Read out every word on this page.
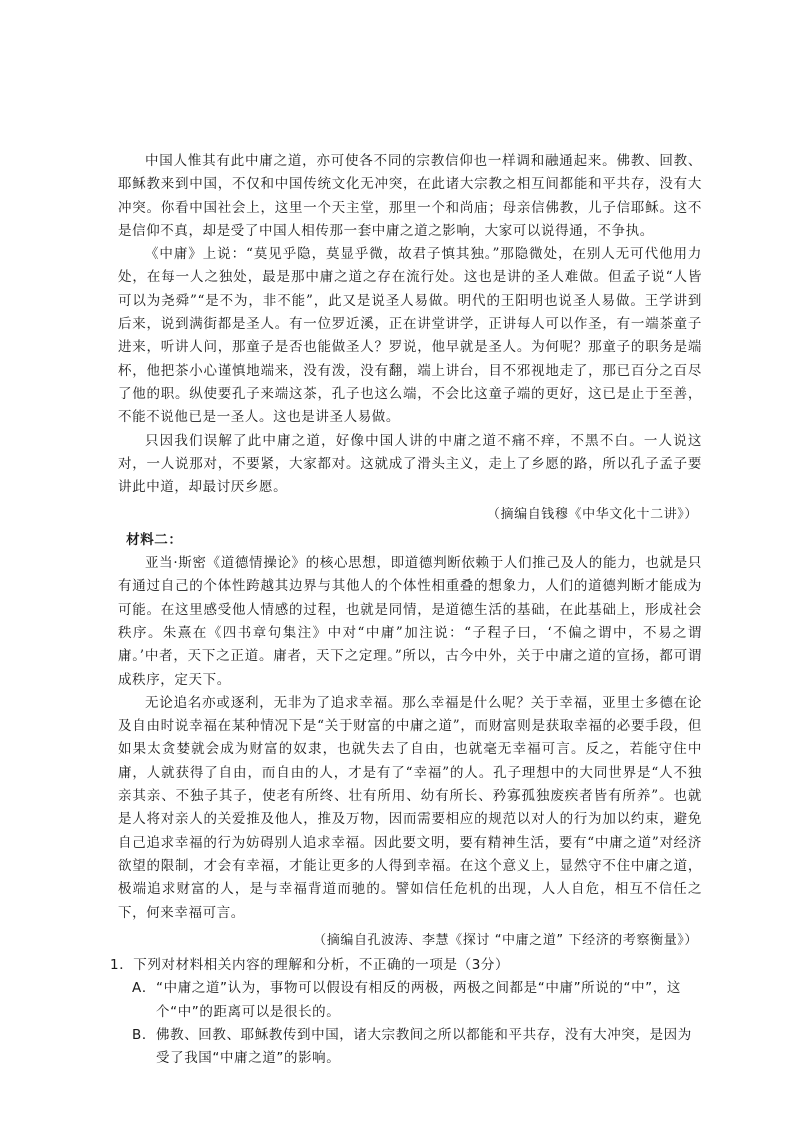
中国人惟其有此中庸之道，亦可使各不同的宗教信仰也一样调和融通起来。佛教、回教、耶稣教来到中国，不仅和中国传统文化无冲突，在此诸大宗教之相互间都能和平共存，没有大冲突。你看中国社会上，这里一个天主堂，那里一个和尚庙；母亲信佛教，儿子信耶稣。这不是信仰不真，却是受了中国人相传那一套中庸之道之影响，大家可以说得通，不争执。

《中庸》上说：“莫见乎隐，莫显乎微，故君子慎其独。”那隐微处，在别人无可代他用力处，在每一人之独处，最是那中庸之道之存在流行处。这也是讲的圣人难做。但孟子说“人皆可以为尧舜”“是不为，非不能”，此又是说圣人易做。明代的王阳明也说圣人易做。王学讲到后来，说到满街都是圣人。有一位罗近溪，正在讲堂讲学，正讲每人可以作圣，有一端茶童子进来，听讲人问，那童子是否也能做圣人？罗说，他早就是圣人。为何呢？那童子的职务是端杯，他把茶小心谨慎地端来，没有泼，没有翻，端上讲台，目不邪视地走了，那已百分之百尽了他的职。纵使要孔子来端这茶，孔子也这么端，不会比这童子端的更好，这已是止于至善，不能不说他已是一圣人。这也是讲圣人易做。

只因我们误解了此中庸之道，好像中国人讲的中庸之道不痛不痒，不黑不白。一人说这对，一人说那对，不要紧，大家都对。这就成了滑头主义，走上了乡愿的路，所以孔子孟子要讲此中道，却最讨厌乡愿。

（摘编自钱穆《中华文化十二讲》）

材料二：

亚当·斯密《道德情操论》的核心思想，即道德判断依赖于人们推己及人的能力，也就是只有通过自己的个体性跨越其边界与其他人的个体性相重叠的想象力，人们的道德判断才能成为可能。在这里感受他人情感的过程，也就是同情，是道德生活的基础，在此基础上，形成社会秩序。朱熹在《四书章句集注》中对“中庸”加注说：“子程子曰，‘不偏之谓中，不易之谓庸。’中者，天下之正道。庸者，天下之定理。”所以，古今中外，关于中庸之道的宣扬，都可谓成秩序，定天下。

无论追名亦或逐利，无非为了追求幸福。那么幸福是什么呢？关于幸福，亚里士多德在论及自由时说幸福在某种情况下是“关于财富的中庸之道”，而财富则是获取幸福的必要手段，但如果太贪婪就会成为财富的奴隶，也就失去了自由，也就毫无幸福可言。反之，若能守住中庸，人就获得了自由，而自由的人，才是有了“幸福”的人。孔子理想中的大同世界是“人不独亲其亲、不独子其子，使老有所终、壮有所用、幼有所长、矜寡孤独废疾者皆有所养”。也就是人将对亲人的关爱推及他人，推及万物，因而需要相应的规范以对人的行为加以约束，避免自己追求幸福的行为妨碍别人追求幸福。因此要文明，要有精神生活，要有“中庸之道”对经济欲望的限制，才会有幸福，才能让更多的人得到幸福。在这个意义上，显然守不住中庸之道，极端追求财富的人，是与幸福背道而驰的。譬如信任危机的出现，人人自危，相互不信任之下，何来幸福可言。

（摘编自孔波涛、李慧《探讨 “中庸之道” 下经济的考察衡量》）

1．下列对材料相关内容的理解和分析，不正确的一项是（3分）

A． “中庸之道”认为，事物可以假设有相反的两极，两极之间都是“中庸”所说的“中”，这个“中”的距离可以是很长的。
B． 佛教、回教、耶稣教传到中国，诸大宗教间之所以都能和平共存，没有大冲突，是因为受了我国“中庸之道”的影响。
